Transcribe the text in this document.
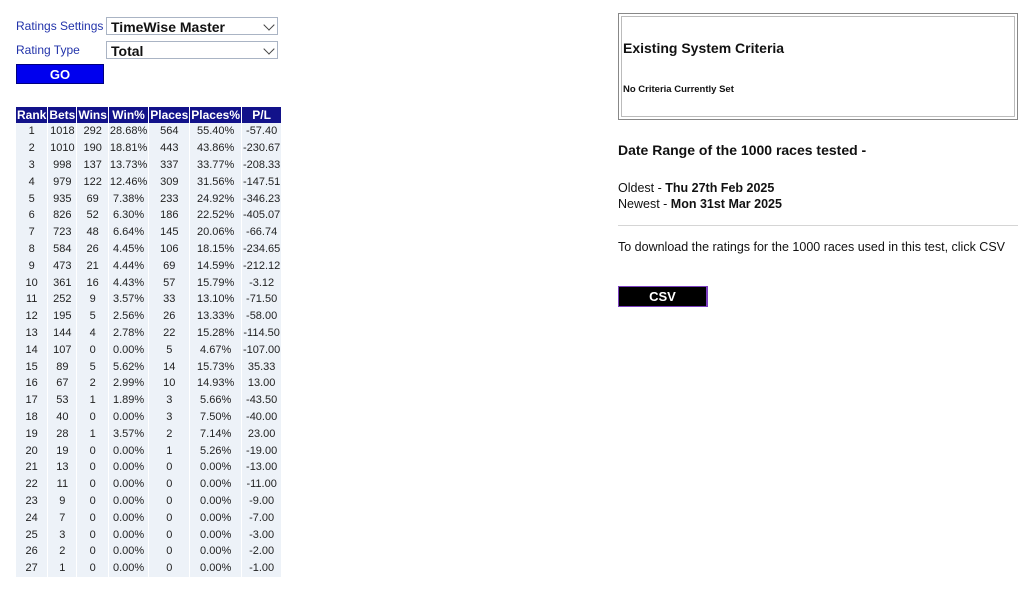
Ratings Settings TimeWise Master
Rating Type	Total
GO
Rank	Bets	Wins	Win%	Places	Places%	P/L
1	1018	292	28.68%	564	55.40%	-57.40
2	1010	190	18.81%	443	43.86%	-230.67
3	998	137	13.73%	337	33.77%	-208.33
4	979	122	12.46%	309	31.56%	-147.51
5	935	69	7.38%	233	24.92%	-346.23
6	826	52	6.30%	186	22.52%	-405.07
7	723	48	6.64%	145	20.06%	-66.74
8	584	26	4.45%	106	18.15%	-234.65
9	473	21	4.44%	69	14.59%	-212.12
10	361	16	4.43%	57	15.79%	-3.12
11	252	9	3.57%	33	13.10%	-71.50
12	195	5	2.56%	26	13.33%	-58.00
13	144	4	2.78%	22	15.28%	-114.50
14	107	0	0.00%	5	4.67%	-107.00
15	89	5	5.62%	14	15.73%	35.33
16	67	2	2.99%	10	14.93%	13.00
17	53	1	1.89%	3	5.66%	-43.50
18	40	0	0.00%	3	7.50%	-40.00
19	28	1	3.57%	2	7.14%	23.00
20	19	0	0.00%	1	5.26%	-19.00
21	13	0	0.00%	0	0.00%	-13.00
22	11	0	0.00%	0	0.00%	-11.00
23	9	0	0.00%	0	0.00%	-9.00
24	7	0	0.00%	0	0.00%	-7.00
25	3	0	0.00%	0	0.00%	-3.00
26	2	0	0.00%	0	0.00%	-2.00
27	1	0	0.00%	0	0.00%	-1.00
Existing System Criteria
No Criteria Currently Set
Date Range of the 1000 races tested -
Oldest - Thu 27th Feb 2025
Newest - Mon 31st Mar 2025
To download the ratings for the 1000 races used in this test, click CSV
CSV
